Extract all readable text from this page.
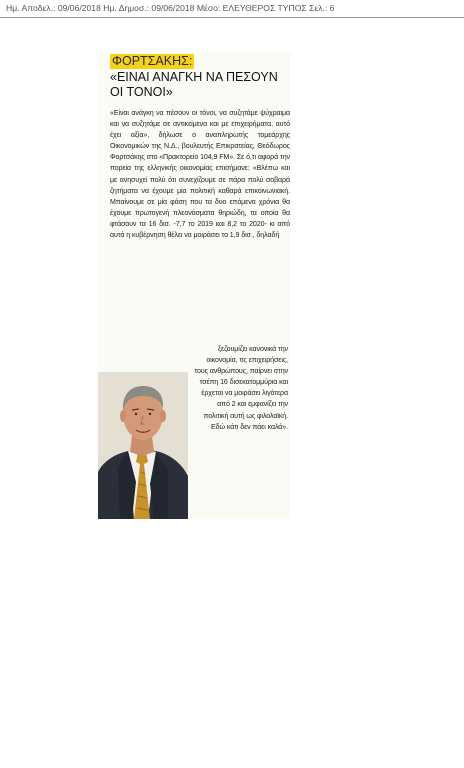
Ημ. Αποδελ.: 09/06/2018 Ημ. Δημοσ.: 09/06/2018 Μέσο: ΕΛΕΥΘΕΡΟΣ ΤΥΠΟΣ Σελ.: 6
ΦΟΡΤΣΑΚΗΣ:
«ΕΙΝΑΙ ΑΝΑΓΚΗ ΝΑ ΠΕΣΟΥΝ ΟΙ ΤΟΝΟΙ»

«Είναι ανάγκη να πέσουν οι τόνοι, να συζητάμε ψύχραιμα και να συζητάμε σε αντικείμενα και με επιχειρήματα, αυτό έχει αξία», δήλωσε ο αναπληρωτής τομεάρχης Οικονομικών της Ν.Δ., βουλευτής Επικρατείας, Θεόδωρος Φορτσάκης στο «Πρακτορείο 104,9 FM». Σε ό,τι αφορά την πορεία της ελληνικής οικονομίας επισήμανε: «Βλέπω και με ανησυχεί πολύ ότι συνεχίζουμε σε πάρα πολύ σοβαρά ζητήματα να έχουμε μία πολιτική καθαρά επικοινωνιακή. Μπαίνουμε σε μία φάση που τα δυο επόμενα χρόνια θα έχουμε πρωτογενή πλεονάσματα θηριώδη, τα οποία θα φτάσουν τα 16 δισ. -7,7 το 2019 και 8,2 το 2020- κι από αυτά η κυβέρνηση θέλει να μοιράσει το 1,9 δισ., δηλαδή

ξεζουμίζει κανονικά την οικονομία, τις επιχειρήσεις, τους ανθρώπους, παίρνει στην τσέπη 16 δισεκατομμύρια και έρχεται να μοιράσει λιγότερα από 2 και εμφανίζει την πολιτική αυτή ως φιλολαϊκή. Εδώ κάτι δεν πάει καλά».
